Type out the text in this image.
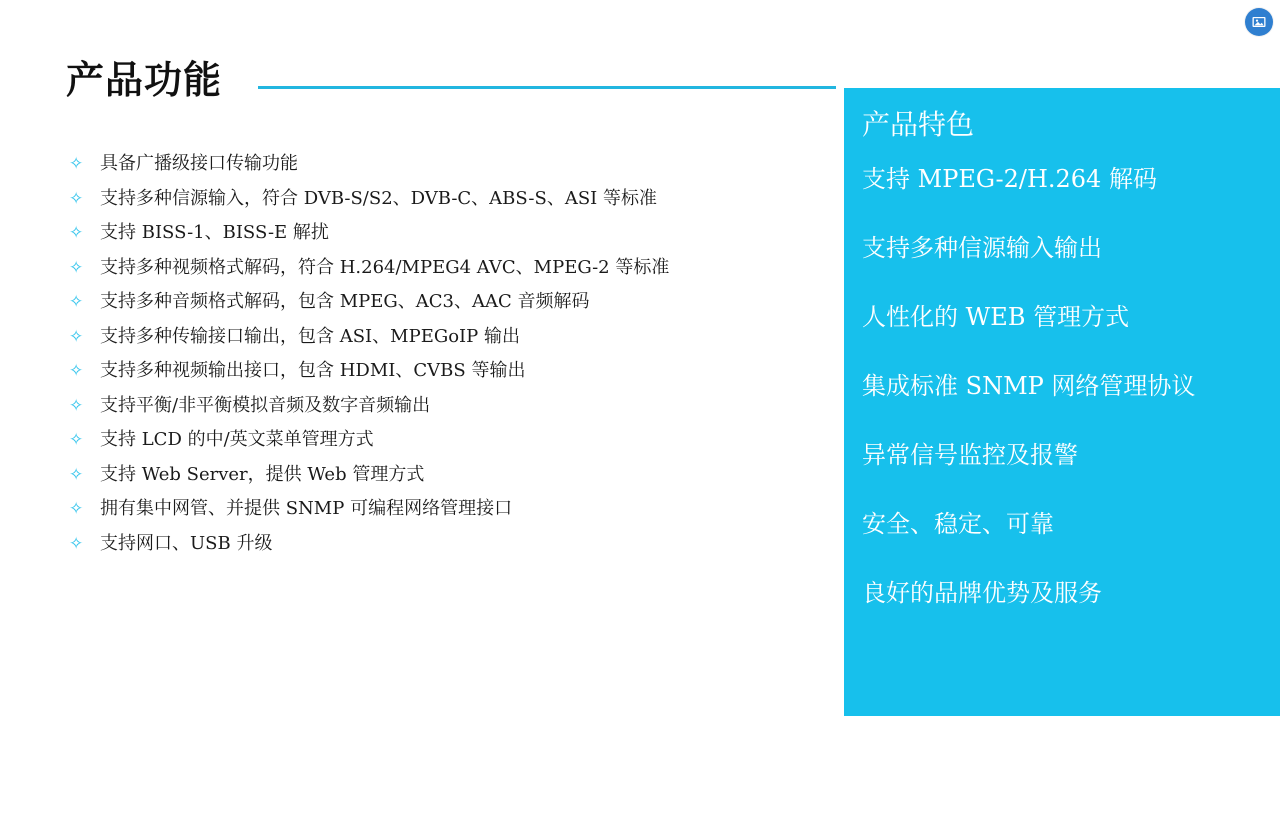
产品功能
✧ 具备广播级接口传输功能
✧ 支持多种信源输入，符合 DVB-S/S2、DVB-C、ABS-S、ASI 等标准
✧ 支持 BISS-1、BISS-E 解扰
✧ 支持多种视频格式解码，符合 H.264/MPEG4 AVC、MPEG-2 等标准
✧ 支持多种音频格式解码，包含 MPEG、AC3、AAC 音频解码
✧ 支持多种传输接口输出，包含 ASI、MPEGoIP 输出
✧ 支持多种视频输出接口，包含 HDMI、CVBS 等输出
✧ 支持平衡/非平衡模拟音频及数字音频输出
✧ 支持 LCD 的中/英文菜单管理方式
✧ 支持 Web Server，提供 Web 管理方式
✧ 拥有集中网管、并提供 SNMP 可编程网络管理接口
✧ 支持网口、USB 升级
产品特色
支持 MPEG-2/H.264 解码
支持多种信源输入输出
人性化的 WEB 管理方式
集成标准 SNMP 网络管理协议
异常信号监控及报警
安全、稳定、可靠
良好的品牌优势及服务
